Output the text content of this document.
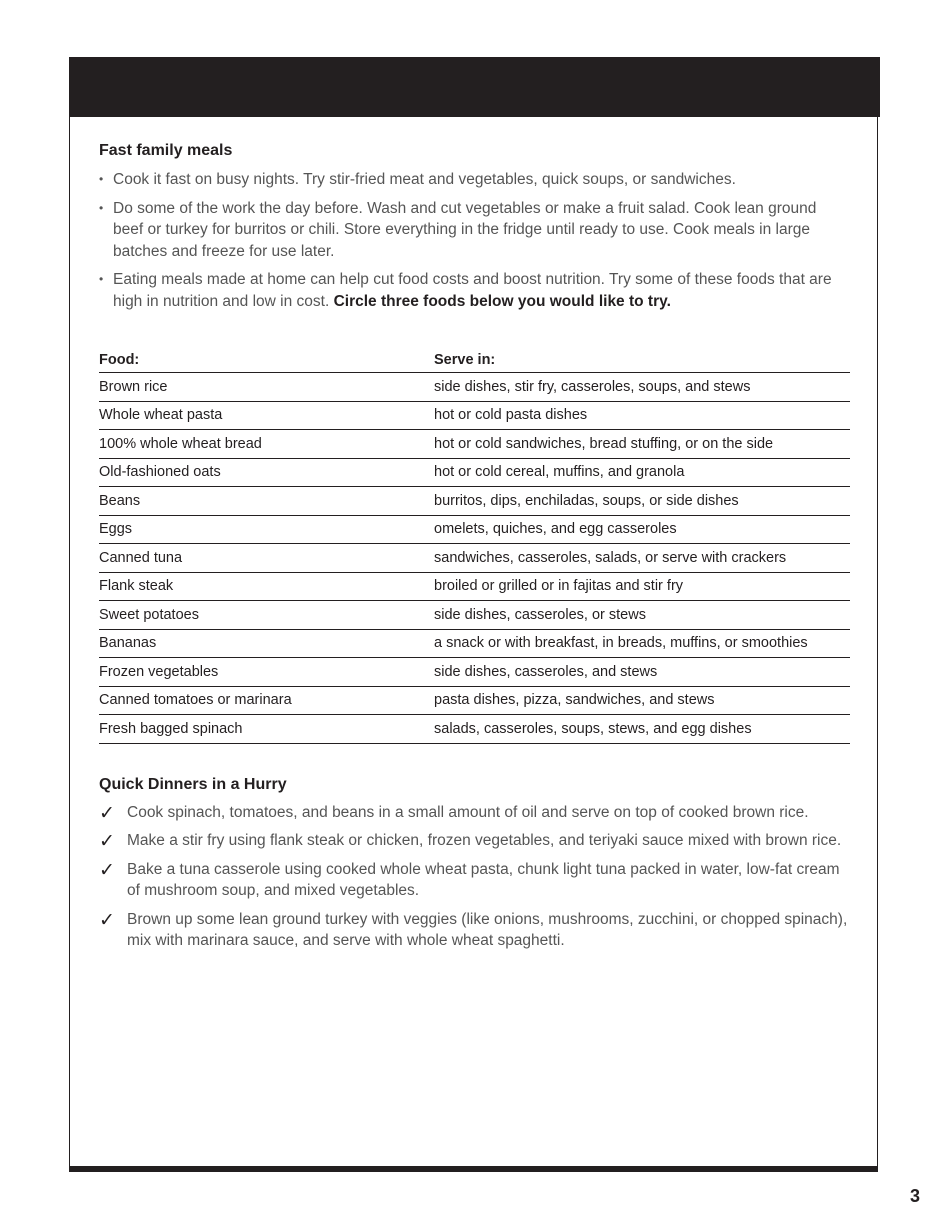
Fast family meals
• Cook it fast on busy nights. Try stir-fried meat and vegetables, quick soups, or sandwiches.
• Do some of the work the day before. Wash and cut vegetables or make a fruit salad. Cook lean ground beef or turkey for burritos or chili. Store everything in the fridge until ready to use. Cook meals in large batches and freeze for use later.
• Eating meals made at home can help cut food costs and boost nutrition. Try some of these foods that are high in nutrition and low in cost. Circle three foods below you would like to try.
Food:	Serve in:
Brown rice	side dishes, stir fry, casseroles, soups, and stews
Whole wheat pasta	hot or cold pasta dishes
100% whole wheat bread	hot or cold sandwiches, bread stuffing, or on the side
Old-fashioned oats	hot or cold cereal, muffins, and granola
Beans	burritos, dips, enchiladas, soups, or side dishes
Eggs	omelets, quiches, and egg casseroles
Canned tuna	sandwiches, casseroles, salads, or serve with crackers
Flank steak	broiled or grilled or in fajitas and stir fry
Sweet potatoes	side dishes, casseroles, or stews
Bananas	a snack or with breakfast, in breads, muffins, or smoothies
Frozen vegetables	side dishes, casseroles, and stews
Canned tomatoes or marinara	pasta dishes, pizza, sandwiches, and stews
Fresh bagged spinach	salads, casseroles, soups, stews, and egg dishes
Quick Dinners in a Hurry
✓ Cook spinach, tomatoes, and beans in a small amount of oil and serve on top of cooked brown rice.
✓ Make a stir fry using flank steak or chicken, frozen vegetables, and teriyaki sauce mixed with brown rice.
✓ Bake a tuna casserole using cooked whole wheat pasta, chunk light tuna packed in water, low-fat cream of mushroom soup, and mixed vegetables.
✓ Brown up some lean ground turkey with veggies (like onions, mushrooms, zucchini, or chopped spinach), mix with marinara sauce, and serve with whole wheat spaghetti.
3
